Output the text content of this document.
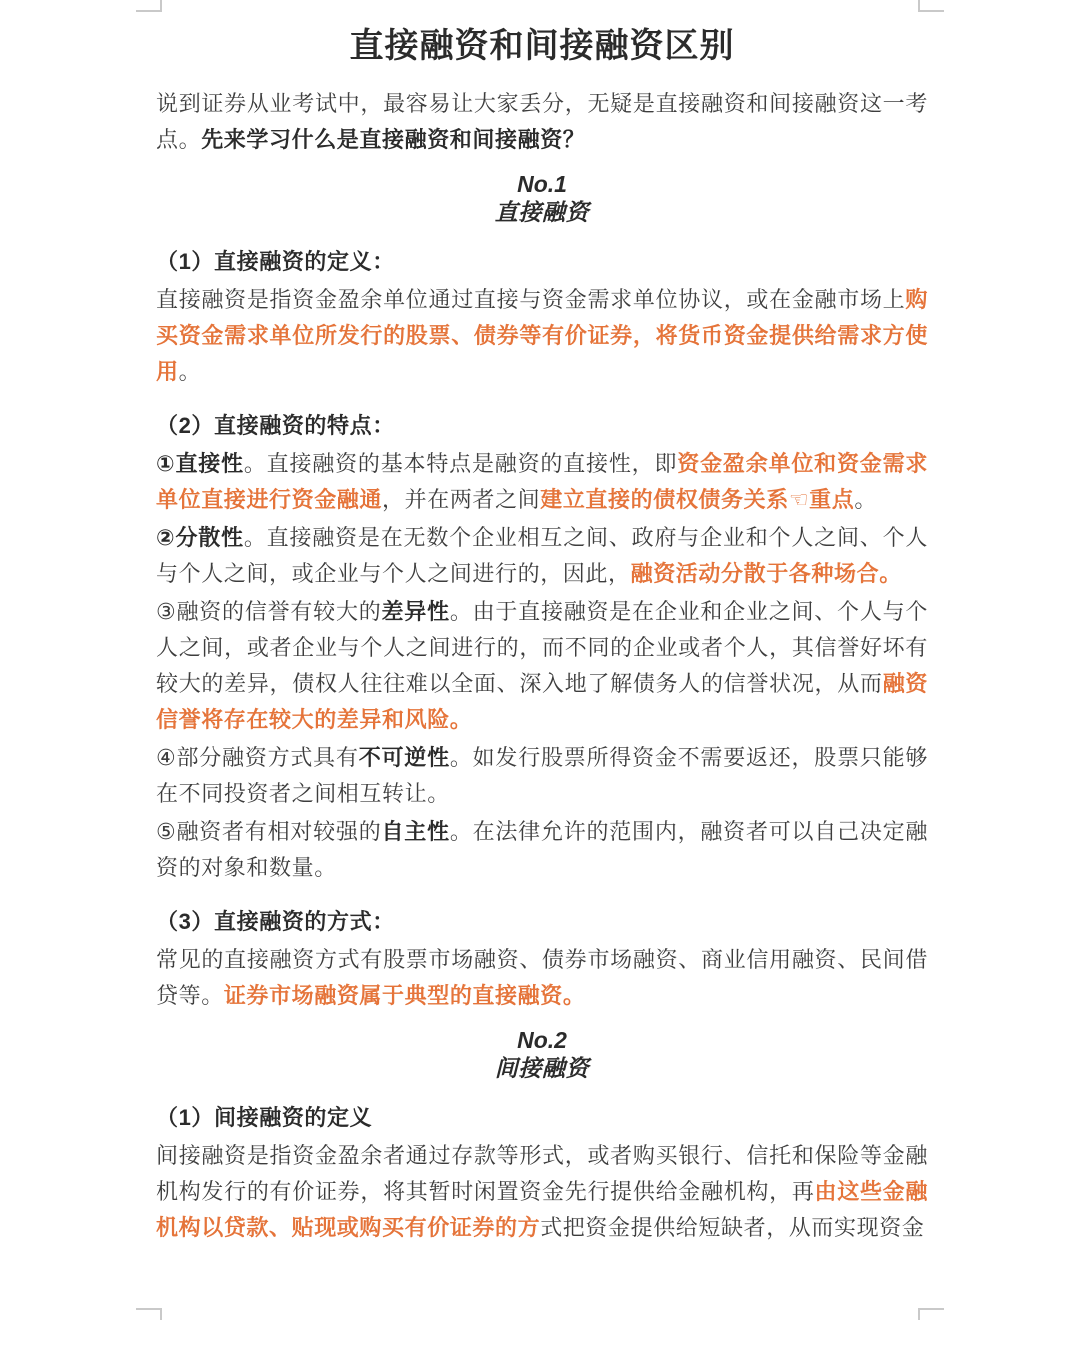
直接融资和间接融资区别

说到证券从业考试中，最容易让大家丢分，无疑是直接融资和间接融资这一考点。先来学习什么是直接融资和间接融资？

No.1
直接融资
（1）直接融资的定义：

直接融资是指资金盈余单位通过直接与资金需求单位协议，或在金融市场上购买资金需求单位所发行的股票、债券等有价证券，将货币资金提供给需求方使用。

（2）直接融资的特点：

①直接性。直接融资的基本特点是融资的直接性，即资金盈余单位和资金需求单位直接进行资金融通，并在两者之间建立直接的债权债务关系☜重点。

②分散性。直接融资是在无数个企业相互之间、政府与企业和个人之间、个人与个人之间，或企业与个人之间进行的，因此，融资活动分散于各种场合。

③融资的信誉有较大的差异性。由于直接融资是在企业和企业之间、个人与个人之间，或者企业与个人之间进行的，而不同的企业或者个人，其信誉好坏有较大的差异，债权人往往难以全面、深入地了解债务人的信誉状况，从而融资信誉将存在较大的差异和风险。

④部分融资方式具有不可逆性。如发行股票所得资金不需要返还，股票只能够在不同投资者之间相互转让。

⑤融资者有相对较强的自主性。在法律允许的范围内，融资者可以自己决定融资的对象和数量。

（3）直接融资的方式：

常见的直接融资方式有股票市场融资、债券市场融资、商业信用融资、民间借贷等。证券市场融资属于典型的直接融资。

No.2
间接融资
（1）间接融资的定义

间接融资是指资金盈余者通过存款等形式，或者购买银行、信托和保险等金融机构发行的有价证券，将其暂时闲置资金先行提供给金融机构，再由这些金融机构以贷款、贴现或购买有价证券的方式把资金提供给短缺者，从而实现资金
